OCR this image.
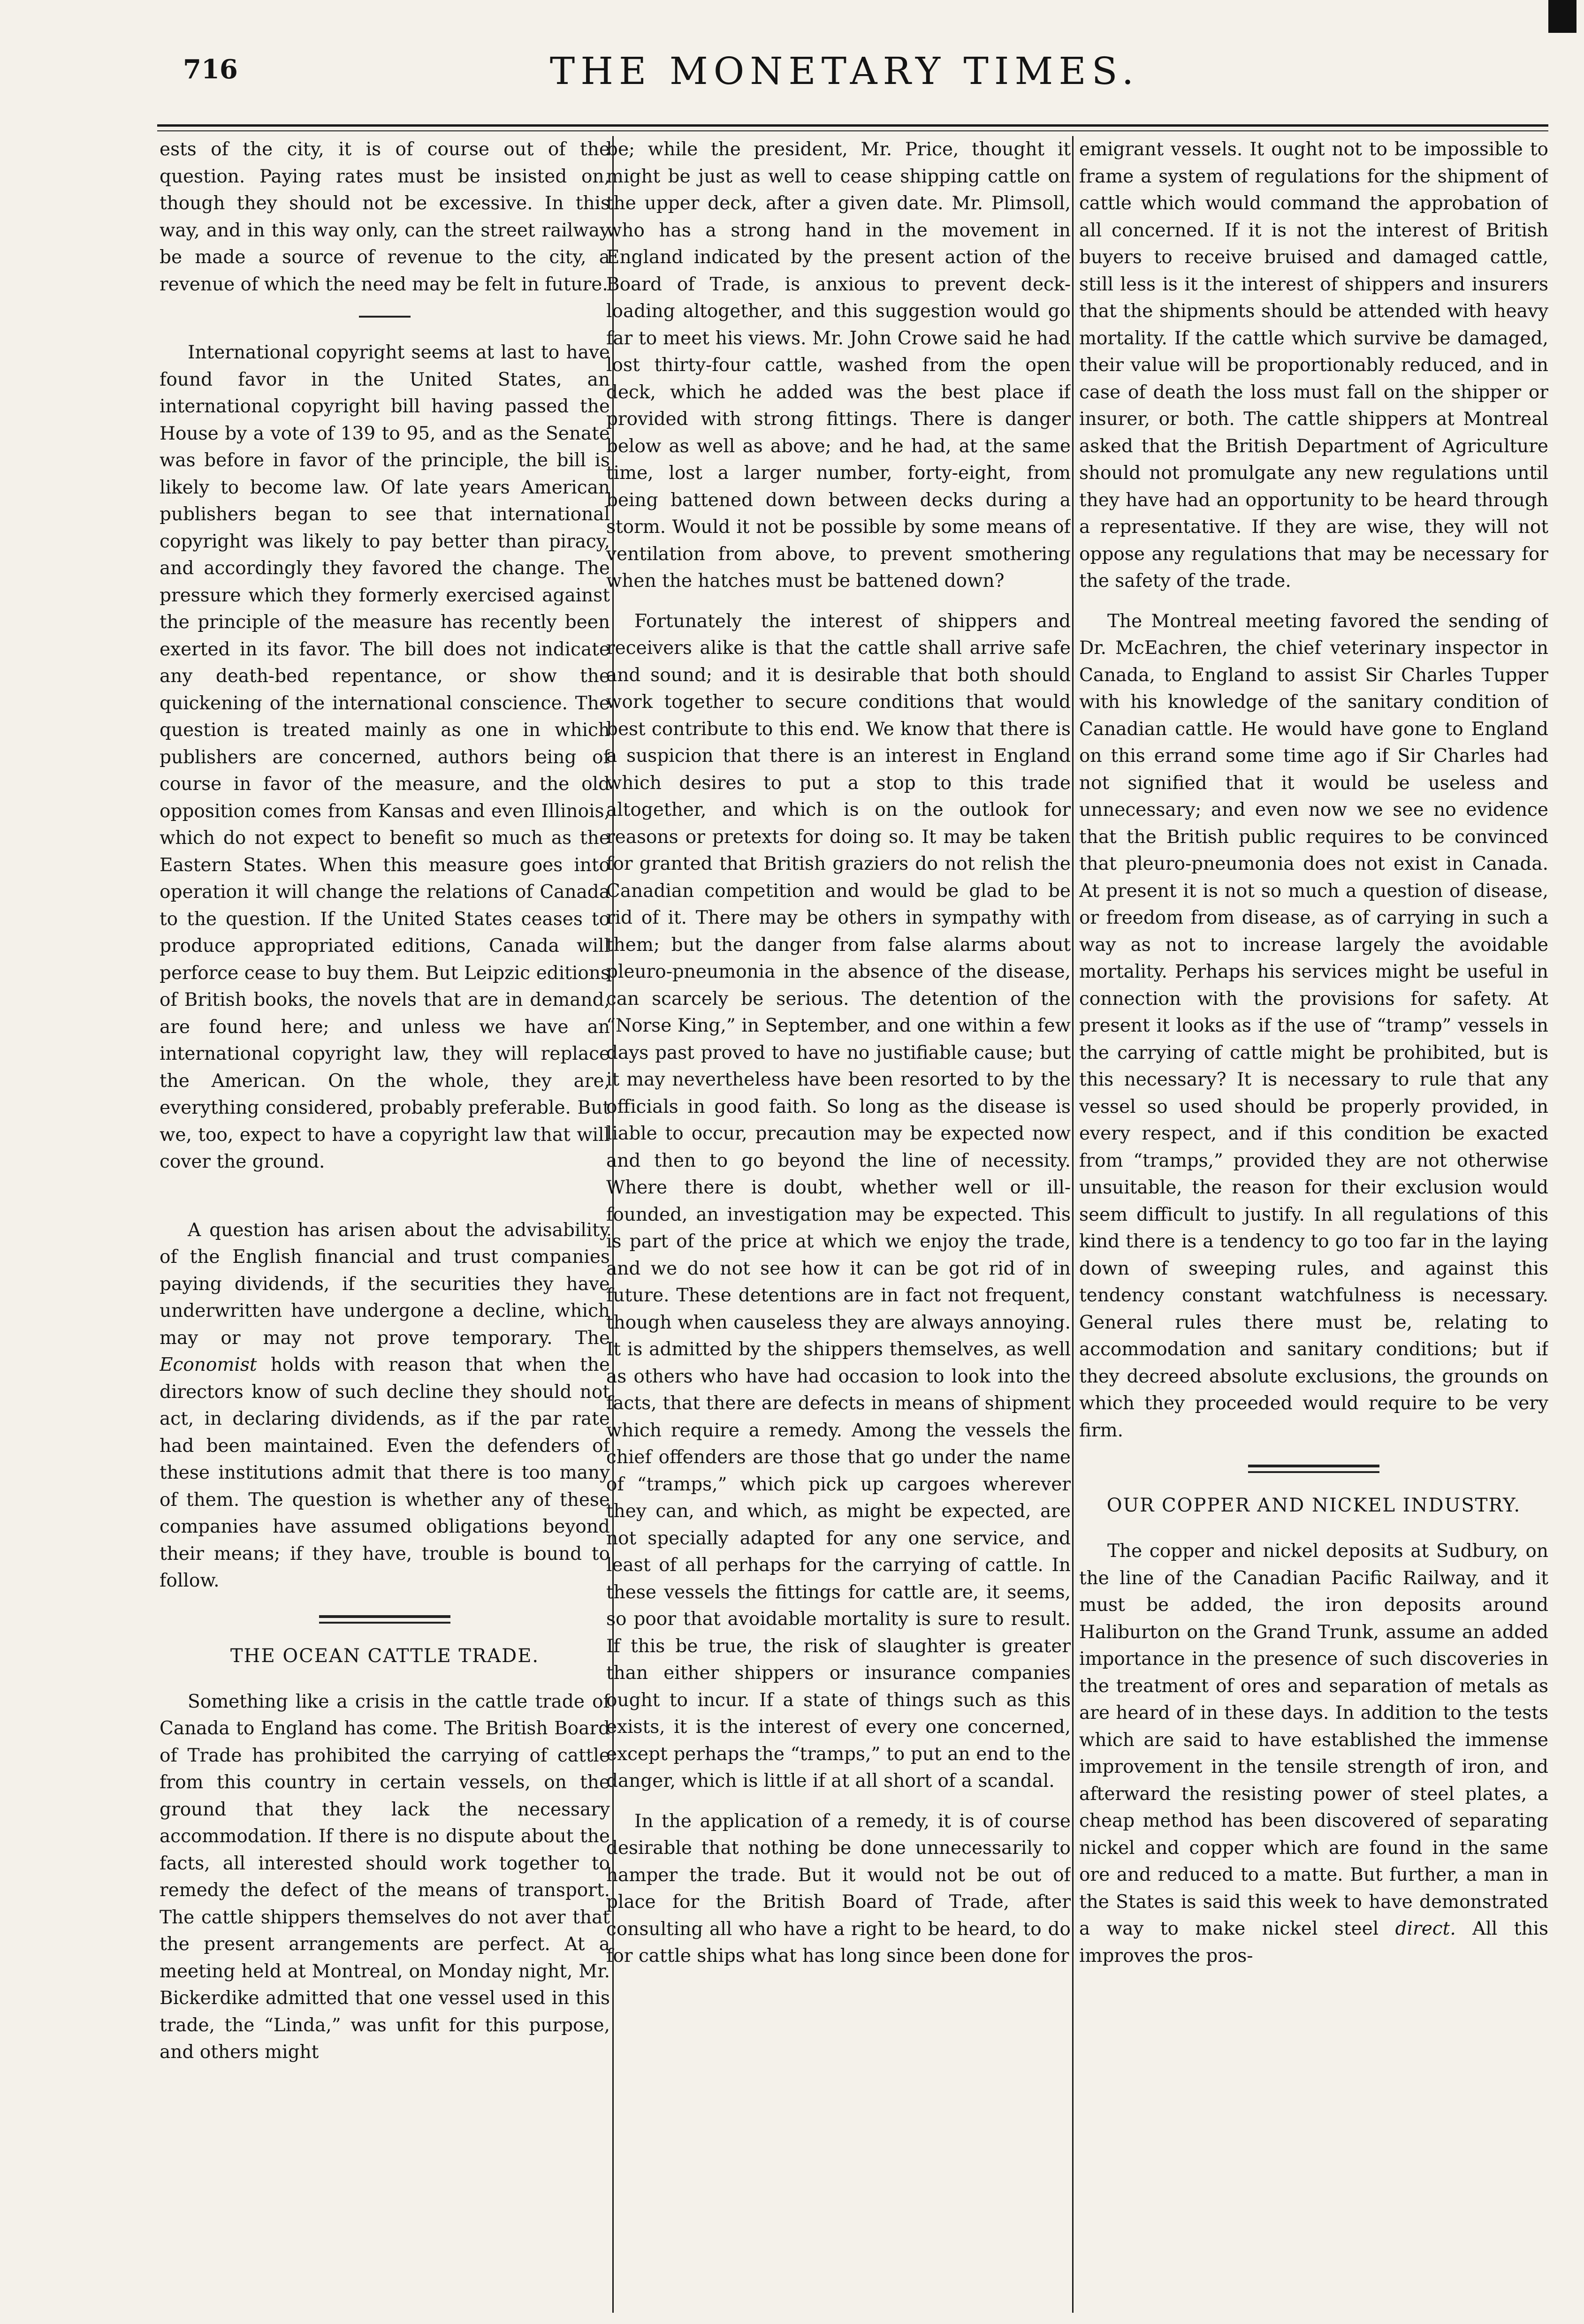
716	THE MONETARY TIMES.

ests of the city, it is of course out of the question. Paying rates must be insisted on, though they should not be excessive. In this way, and in this way only, can the street railway be made a source of revenue to the city, a revenue of which the need may be felt in future.

International copyright seems at last to have found favor in the United States, an international copyright bill having passed the House by a vote of 139 to 95, and as the Senate was before in favor of the principle, the bill is likely to become law. Of late years American publishers began to see that international copyright was likely to pay better than piracy, and accordingly they favored the change. The pressure which they formerly exercised against the principle of the measure has recently been exerted in its favor. The bill does not indicate any death-bed repentance, or show the quickening of the international conscience. The question is treated mainly as one in which publishers are concerned, authors being of course in favor of the measure, and the old opposition comes from Kansas and even Illinois, which do not expect to benefit so much as the Eastern States. When this measure goes into operation it will change the relations of Canada to the question. If the United States ceases to produce appropriated editions, Canada will perforce cease to buy them. But Leipzic editions of British books, the novels that are in demand, are found here; and unless we have an international copyright law, they will replace the American. On the whole, they are, everything considered, probably preferable. But we, too, expect to have a copyright law that will cover the ground.

A question has arisen about the advisability of the English financial and trust companies paying dividends, if the securities they have underwritten have undergone a decline, which may or may not prove temporary. The Economist holds with reason that when the directors know of such decline they should not act, in declaring dividends, as if the par rate had been maintained. Even the defenders of these institutions admit that there is too many of them. The question is whether any of these companies have assumed obligations beyond their means; if they have, trouble is bound to follow.

THE OCEAN CATTLE TRADE.

Something like a crisis in the cattle trade of Canada to England has come. The British Board of Trade has prohibited the carrying of cattle from this country in certain vessels, on the ground that they lack the necessary accommodation. If there is no dispute about the facts, all interested should work together to remedy the defect of the means of transport. The cattle shippers themselves do not aver that the present arrangements are perfect. At a meeting held at Montreal, on Monday night, Mr. Bickerdike admitted that one vessel used in this trade, the “Linda,” was unfit for this purpose, and others might

be; while the president, Mr. Price, thought it might be just as well to cease shipping cattle on the upper deck, after a given date. Mr. Plimsoll, who has a strong hand in the movement in England indicated by the present action of the Board of Trade, is anxious to prevent deck-loading altogether, and this suggestion would go far to meet his views. Mr. John Crowe said he had lost thirty-four cattle, washed from the open deck, which he added was the best place if provided with strong fittings. There is danger below as well as above; and he had, at the same time, lost a larger number, forty-eight, from being battened down between decks during a storm. Would it not be possible by some means of ventilation from above, to prevent smothering when the hatches must be battened down?

Fortunately the interest of shippers and receivers alike is that the cattle shall arrive safe and sound; and it is desirable that both should work together to secure conditions that would best contribute to this end. We know that there is a suspicion that there is an interest in England which desires to put a stop to this trade altogether, and which is on the outlook for reasons or pretexts for doing so. It may be taken for granted that British graziers do not relish the Canadian competition and would be glad to be rid of it. There may be others in sympathy with them; but the danger from false alarms about pleuro-pneumonia in the absence of the disease, can scarcely be serious. The detention of the “Norse King,” in September, and one within a few days past proved to have no justifiable cause; but it may nevertheless have been resorted to by the officials in good faith. So long as the disease is liable to occur, precaution may be expected now and then to go beyond the line of necessity. Where there is doubt, whether well or ill-founded, an investigation may be expected. This is part of the price at which we enjoy the trade, and we do not see how it can be got rid of in future. These detentions are in fact not frequent, though when causeless they are always annoying. It is admitted by the shippers themselves, as well as others who have had occasion to look into the facts, that there are defects in means of shipment which require a remedy. Among the vessels the chief offenders are those that go under the name of “tramps,” which pick up cargoes wherever they can, and which, as might be expected, are not specially adapted for any one service, and least of all perhaps for the carrying of cattle. In these vessels the fittings for cattle are, it seems, so poor that avoidable mortality is sure to result. If this be true, the risk of slaughter is greater than either shippers or insurance companies ought to incur. If a state of things such as this exists, it is the interest of every one concerned, except perhaps the “tramps,” to put an end to the danger, which is little if at all short of a scandal.

In the application of a remedy, it is of course desirable that nothing be done unnecessarily to hamper the trade. But it would not be out of place for the British Board of Trade, after consulting all who have a right to be heard, to do for cattle ships what has long since been done for

emigrant vessels. It ought not to be impossible to frame a system of regulations for the shipment of cattle which would command the approbation of all concerned. If it is not the interest of British buyers to receive bruised and damaged cattle, still less is it the interest of shippers and insurers that the shipments should be attended with heavy mortality. If the cattle which survive be damaged, their value will be proportionably reduced, and in case of death the loss must fall on the shipper or insurer, or both. The cattle shippers at Montreal asked that the British Department of Agriculture should not promulgate any new regulations until they have had an opportunity to be heard through a representative. If they are wise, they will not oppose any regulations that may be necessary for the safety of the trade.

The Montreal meeting favored the sending of Dr. McEachren, the chief veterinary inspector in Canada, to England to assist Sir Charles Tupper with his knowledge of the sanitary condition of Canadian cattle. He would have gone to England on this errand some time ago if Sir Charles had not signified that it would be useless and unnecessary; and even now we see no evidence that the British public requires to be convinced that pleuro-pneumonia does not exist in Canada. At present it is not so much a question of disease, or freedom from disease, as of carrying in such a way as not to increase largely the avoidable mortality. Perhaps his services might be useful in connection with the provisions for safety. At present it looks as if the use of “tramp” vessels in the carrying of cattle might be prohibited, but is this necessary? It is necessary to rule that any vessel so used should be properly provided, in every respect, and if this condition be exacted from “tramps,” provided they are not otherwise unsuitable, the reason for their exclusion would seem difficult to justify. In all regulations of this kind there is a tendency to go too far in the laying down of sweeping rules, and against this tendency constant watchfulness is necessary. General rules there must be, relating to accommodation and sanitary conditions; but if they decreed absolute exclusions, the grounds on which they proceeded would require to be very firm.

OUR COPPER AND NICKEL INDUSTRY.

The copper and nickel deposits at Sudbury, on the line of the Canadian Pacific Railway, and it must be added, the iron deposits around Haliburton on the Grand Trunk, assume an added importance in the presence of such discoveries in the treatment of ores and separation of metals as are heard of in these days. In addition to the tests which are said to have established the immense improvement in the tensile strength of iron, and afterward the resisting power of steel plates, a cheap method has been discovered of separating nickel and copper which are found in the same ore and reduced to a matte. But further, a man in the States is said this week to have demonstrated a way to make nickel steel direct. All this improves the pros-
